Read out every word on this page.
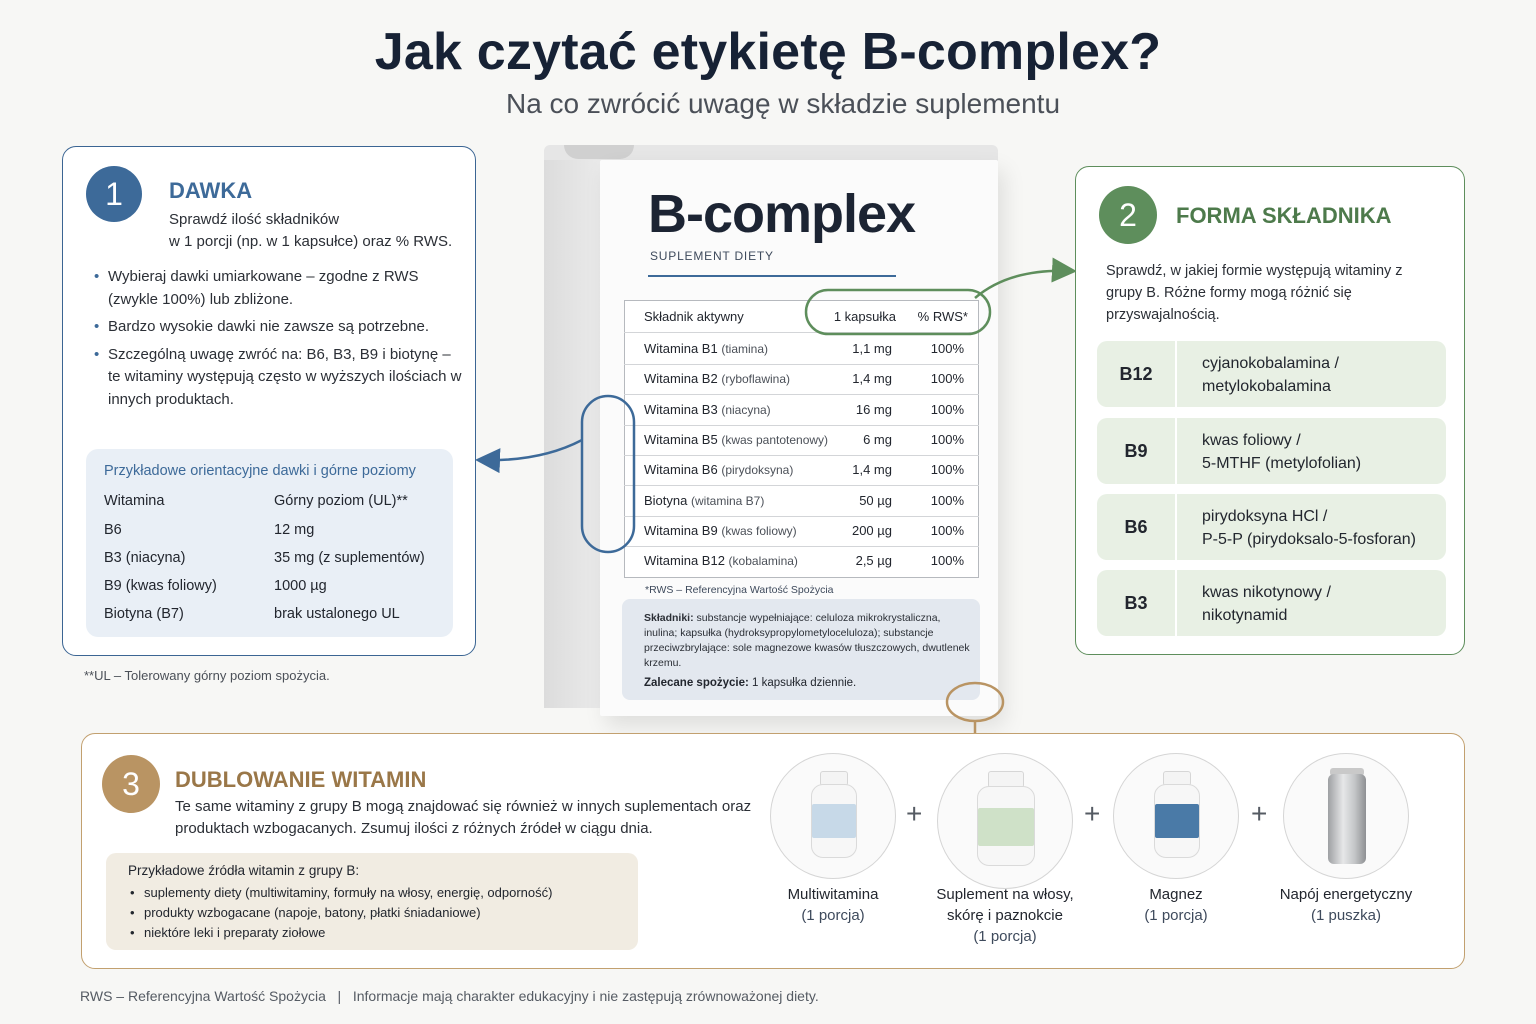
Jak czytać etykietę B-complex?
Na co zwrócić uwagę w składzie suplementu
1	DAWKA
Sprawdź ilość składników
w 1 porcji (np. w 1 kapsułce) oraz % RWS.
• Wybieraj dawki umiarkowane – zgodne z RWS (zwykle 100%) lub zbliżone.
• Bardzo wysokie dawki nie zawsze są potrzebne.
• Szczególną uwagę zwróć na: B6, B3, B9 i biotynę – te witaminy występują często w wyższych ilościach w innych produktach.
Przykładowe orientacyjne dawki i górne poziomy
Witamina	Górny poziom (UL)**
B6	12 mg
B3 (niacyna)	35 mg (z suplementów)
B9 (kwas foliowy)	1000 µg
Biotyna (B7)	brak ustalonego UL
**UL – Tolerowany górny poziom spożycia.
B-complex
SUPLEMENT DIETY
Składnik aktywny	1 kapsułka % RWS*
Witamina B1 (tiamina)	1,1 mg	100%
Witamina B2 (ryboflawina)	1,4 mg	100%
Witamina B3 (niacyna)	16 mg	100%
Witamina B5 (kwas pantotenowy)	6 mg	100%
Witamina B6 (pirydoksyna)	1,4 mg	100%
Biotyna (witamina B7)	50 µg	100%
Witamina B9 (kwas foliowy)	200 µg	100%
Witamina B12 (kobalamina)	2,5 µg	100%
*RWS – Referencyjna Wartość Spożycia
Składniki: substancje wypełniające: celuloza mikrokrystaliczna, inulina; kapsułka (hydroksypropylometyloceluloza); substancje przeciwzbrylające: sole magnezowe kwasów tłuszczowych, dwutlenek krzemu.
Zalecane spożycie: 1 kapsułka dziennie.
2	FORMA SKŁADNIKA
Sprawdź, w jakiej formie występują witaminy z grupy B. Różne formy mogą różnić się przyswajalnością.
B12
cyjanokobalamina /
metylokobalamina
B9
kwas foliowy /
5-MTHF (metylofolian)
B6
pirydoksyna HCl /
P-5-P (pirydoksalo-5-fosforan)
B3
kwas nikotynowy /
nikotynamid
3	DUBLOWANIE WITAMIN
Te same witaminy z grupy B mogą znajdować się również w innych suplementach oraz produktach wzbogacanych. Zsumuj ilości z różnych źródeł w ciągu dnia.
Przykładowe źródła witamin z grupy B:
• suplementy diety (multiwitaminy, formuły na włosy, energię, odporność)
• produkty wzbogacane (napoje, batony, płatki śniadaniowe)
• niektóre leki i preparaty ziołowe
+	+	+
Multiwitamina
(1 porcja)
Suplement na włosy, skórę i paznokcie
(1 porcja)
Magnez
(1 porcja)
Napój energetyczny
(1 puszka)
RWS – Referencyjna Wartość Spożycia   |   Informacje mają charakter edukacyjny i nie zastępują zrównoważonej diety.
